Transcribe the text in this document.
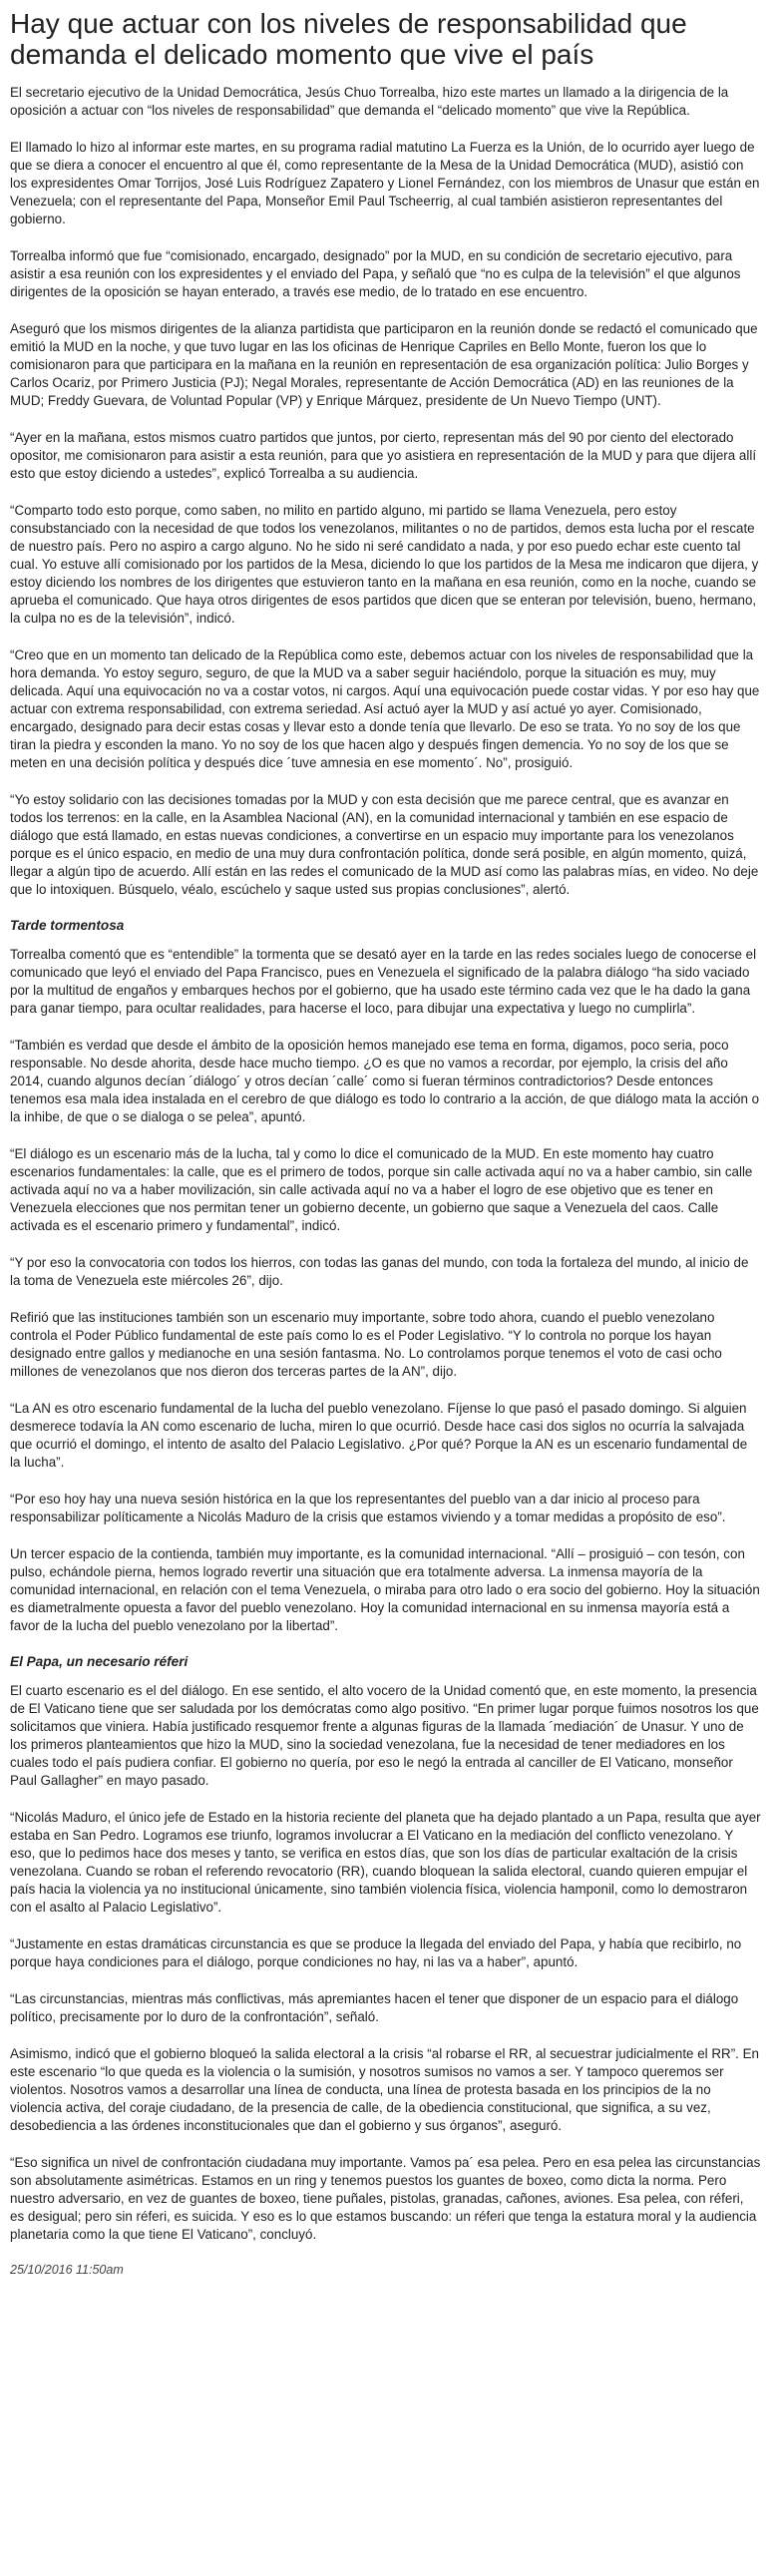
Hay que actuar con los niveles de responsabilidad que demanda el delicado momento que vive el país

El secretario ejecutivo de la Unidad Democrática, Jesús Chuo Torrealba, hizo este martes un llamado a la dirigencia de la oposición a actuar con “los niveles de responsabilidad” que demanda el “delicado momento” que vive la República.

El llamado lo hizo al informar este martes, en su programa radial matutino La Fuerza es la Unión, de lo ocurrido ayer luego de que se diera a conocer el encuentro al que él, como representante de la Mesa de la Unidad Democrática (MUD), asistió con los expresidentes Omar Torrijos, José Luis Rodríguez Zapatero y Lionel Fernández, con los miembros de Unasur que están en Venezuela; con el representante del Papa, Monseñor Emil Paul Tscheerrig, al cual también asistieron representantes del gobierno.

Torrealba informó que fue “comisionado, encargado, designado” por la MUD, en su condición de secretario ejecutivo, para asistir a esa reunión con los expresidentes y el enviado del Papa, y señaló que “no es culpa de la televisión” el que algunos dirigentes de la oposición se hayan enterado, a través ese medio, de lo tratado en ese encuentro.

Aseguró que los mismos dirigentes de la alianza partidista que participaron en la reunión donde se redactó el comunicado que emitió la MUD en la noche, y que tuvo lugar en las los oficinas de Henrique Capriles en Bello Monte, fueron los que lo comisionaron para que participara en la mañana en la reunión en representación de esa organización política: Julio Borges y Carlos Ocariz, por Primero Justicia (PJ); Negal Morales, representante de Acción Democrática (AD) en las reuniones de la MUD; Freddy Guevara, de Voluntad Popular (VP) y Enrique Márquez, presidente de Un Nuevo Tiempo (UNT).

“Ayer en la mañana, estos mismos cuatro partidos que juntos, por cierto, representan más del 90 por ciento del electorado opositor, me comisionaron para asistir a esta reunión, para que yo asistiera en representación de la MUD y para que dijera allí esto que estoy diciendo a ustedes”, explicó Torrealba a su audiencia.

“Comparto todo esto porque, como saben, no milito en partido alguno, mi partido se llama Venezuela, pero estoy consubstanciado con la necesidad de que todos los venezolanos, militantes o no de partidos, demos esta lucha por el rescate de nuestro país. Pero no aspiro a cargo alguno. No he sido ni seré candidato a nada, y por eso puedo echar este cuento tal cual. Yo estuve allí comisionado por los partidos de la Mesa, diciendo lo que los partidos de la Mesa me indicaron que dijera, y estoy diciendo los nombres de los dirigentes que estuvieron tanto en la mañana en esa reunión, como en la noche, cuando se aprueba el comunicado. Que haya otros dirigentes de esos partidos que dicen que se enteran por televisión, bueno, hermano, la culpa no es de la televisión”, indicó.

“Creo que en un momento tan delicado de la República como este, debemos actuar con los niveles de responsabilidad que la hora demanda. Yo estoy seguro, seguro, de que la MUD va a saber seguir haciéndolo, porque la situación es muy, muy delicada. Aquí una equivocación no va a costar votos, ni cargos. Aquí una equivocación puede costar vidas. Y por eso hay que actuar con extrema responsabilidad, con extrema seriedad. Así actuó ayer la MUD y así actué yo ayer. Comisionado, encargado, designado para decir estas cosas y llevar esto a donde tenía que llevarlo. De eso se trata. Yo no soy de los que tiran la piedra y esconden la mano. Yo no soy de los que hacen algo y después fingen demencia. Yo no soy de los que se meten en una decisión política y después dice ´tuve amnesia en ese momento´. No”, prosiguió.

“Yo estoy solidario con las decisiones tomadas por la MUD y con esta decisión que me parece central, que es avanzar en todos los terrenos: en la calle, en la Asamblea Nacional (AN), en la comunidad internacional y también en ese espacio de diálogo que está llamado, en estas nuevas condiciones, a convertirse en un espacio muy importante para los venezolanos porque es el único espacio, en medio de una muy dura confrontación política, donde será posible, en algún momento, quizá, llegar a algún tipo de acuerdo. Allí están en las redes el comunicado de la MUD así como las palabras mías, en video. No deje que lo intoxiquen. Búsquelo, véalo, escúchelo y saque usted sus propias conclusiones”, alertó.

Tarde tormentosa

Torrealba comentó que es “entendible” la tormenta que se desató ayer en la tarde en las redes sociales luego de conocerse el comunicado que leyó el enviado del Papa Francisco, pues en Venezuela el significado de la palabra diálogo “ha sido vaciado por la multitud de engaños y embarques hechos por el gobierno, que ha usado este término cada vez que le ha dado la gana para ganar tiempo, para ocultar realidades, para hacerse el loco, para dibujar una expectativa y luego no cumplirla”.

“También es verdad que desde el ámbito de la oposición hemos manejado ese tema en forma, digamos, poco seria, poco responsable. No desde ahorita, desde hace mucho tiempo. ¿O es que no vamos a recordar, por ejemplo, la crisis del año 2014, cuando algunos decían ´diálogo´ y otros decían ´calle´ como si fueran términos contradictorios? Desde entonces tenemos esa mala idea instalada en el cerebro de que diálogo es todo lo contrario a la acción, de que diálogo mata la acción o la inhibe, de que o se dialoga o se pelea”, apuntó.

“El diálogo es un escenario más de la lucha, tal y como lo dice el comunicado de la MUD. En este momento hay cuatro escenarios fundamentales: la calle, que es el primero de todos, porque sin calle activada aquí no va a haber cambio, sin calle activada aquí no va a haber movilización, sin calle activada aquí no va a haber el logro de ese objetivo que es tener en Venezuela elecciones que nos permitan tener un gobierno decente, un gobierno que saque a Venezuela del caos. Calle activada es el escenario primero y fundamental”, indicó.

“Y por eso la convocatoria con todos los hierros, con todas las ganas del mundo, con toda la fortaleza del mundo, al inicio de la toma de Venezuela este miércoles 26”, dijo.

Refirió que las instituciones también son un escenario muy importante, sobre todo ahora, cuando el pueblo venezolano controla el Poder Público fundamental de este país como lo es el Poder Legislativo. “Y lo controla no porque los hayan designado entre gallos y medianoche en una sesión fantasma. No. Lo controlamos porque tenemos el voto de casi ocho millones de venezolanos que nos dieron dos terceras partes de la AN”, dijo.

“La AN es otro escenario fundamental de la lucha del pueblo venezolano. Fíjense lo que pasó el pasado domingo. Si alguien desmerece todavía la AN como escenario de lucha, miren lo que ocurrió. Desde hace casi dos siglos no ocurría la salvajada que ocurrió el domingo, el intento de asalto del Palacio Legislativo. ¿Por qué? Porque la AN es un escenario fundamental de la lucha”.

“Por eso hoy hay una nueva sesión histórica en la que los representantes del pueblo van a dar inicio al proceso para responsabilizar políticamente a Nicolás Maduro de la crisis que estamos viviendo y a tomar medidas a propósito de eso”.

Un tercer espacio de la contienda, también muy importante, es la comunidad internacional. “Allí – prosiguió – con tesón, con pulso, echándole pierna, hemos logrado revertir una situación que era totalmente adversa. La inmensa mayoría de la comunidad internacional, en relación con el tema Venezuela, o miraba para otro lado o era socio del gobierno. Hoy la situación es diametralmente opuesta a favor del pueblo venezolano. Hoy la comunidad internacional en su inmensa mayoría está a favor de la lucha del pueblo venezolano por la libertad”.

El Papa, un necesario réferi

El cuarto escenario es el del diálogo. En ese sentido, el alto vocero de la Unidad comentó que, en este momento, la presencia de El Vaticano tiene que ser saludada por los demócratas como algo positivo. “En primer lugar porque fuimos nosotros los que solicitamos que viniera. Había justificado resquemor frente a algunas figuras de la llamada ´mediación´ de Unasur. Y uno de los primeros planteamientos que hizo la MUD, sino la sociedad venezolana, fue la necesidad de tener mediadores en los cuales todo el país pudiera confiar. El gobierno no quería, por eso le negó la entrada al canciller de El Vaticano, monseñor Paul Gallagher” en mayo pasado.

“Nicolás Maduro, el único jefe de Estado en la historia reciente del planeta que ha dejado plantado a un Papa, resulta que ayer estaba en San Pedro. Logramos ese triunfo, logramos involucrar a El Vaticano en la mediación del conflicto venezolano. Y eso, que lo pedimos hace dos meses y tanto, se verifica en estos días, que son los días de particular exaltación de la crisis venezolana. Cuando se roban el referendo revocatorio (RR), cuando bloquean la salida electoral, cuando quieren empujar el país hacia la violencia ya no institucional únicamente, sino también violencia física, violencia hamponil, como lo demostraron con el asalto al Palacio Legislativo”.

“Justamente en estas dramáticas circunstancia es que se produce la llegada del enviado del Papa, y había que recibirlo, no porque haya condiciones para el diálogo, porque condiciones no hay, ni las va a haber”, apuntó.

“Las circunstancias, mientras más conflictivas, más apremiantes hacen el tener que disponer de un espacio para el diálogo político, precisamente por lo duro de la confrontación”, señaló.

Asimismo, indicó que el gobierno bloqueó la salida electoral a la crisis “al robarse el RR, al secuestrar judicialmente el RR”. En este escenario “lo que queda es la violencia o la sumisión, y nosotros sumisos no vamos a ser. Y tampoco queremos ser violentos. Nosotros vamos a desarrollar una línea de conducta, una línea de protesta basada en los principios de la no violencia activa, del coraje ciudadano, de la presencia de calle, de la obediencia constitucional, que significa, a su vez, desobediencia a las órdenes inconstitucionales que dan el gobierno y sus órganos”, aseguró.

“Eso significa un nivel de confrontación ciudadana muy importante. Vamos pa´ esa pelea. Pero en esa pelea las circunstancias son absolutamente asimétricas. Estamos en un ring y tenemos puestos los guantes de boxeo, como dicta la norma. Pero nuestro adversario, en vez de guantes de boxeo, tiene puñales, pistolas, granadas, cañones, aviones. Esa pelea, con réferi, es desigual; pero sin réferi, es suicida. Y eso es lo que estamos buscando: un réferi que tenga la estatura moral y la audiencia planetaria como la que tiene El Vaticano”, concluyó.

25/10/2016 11:50am
